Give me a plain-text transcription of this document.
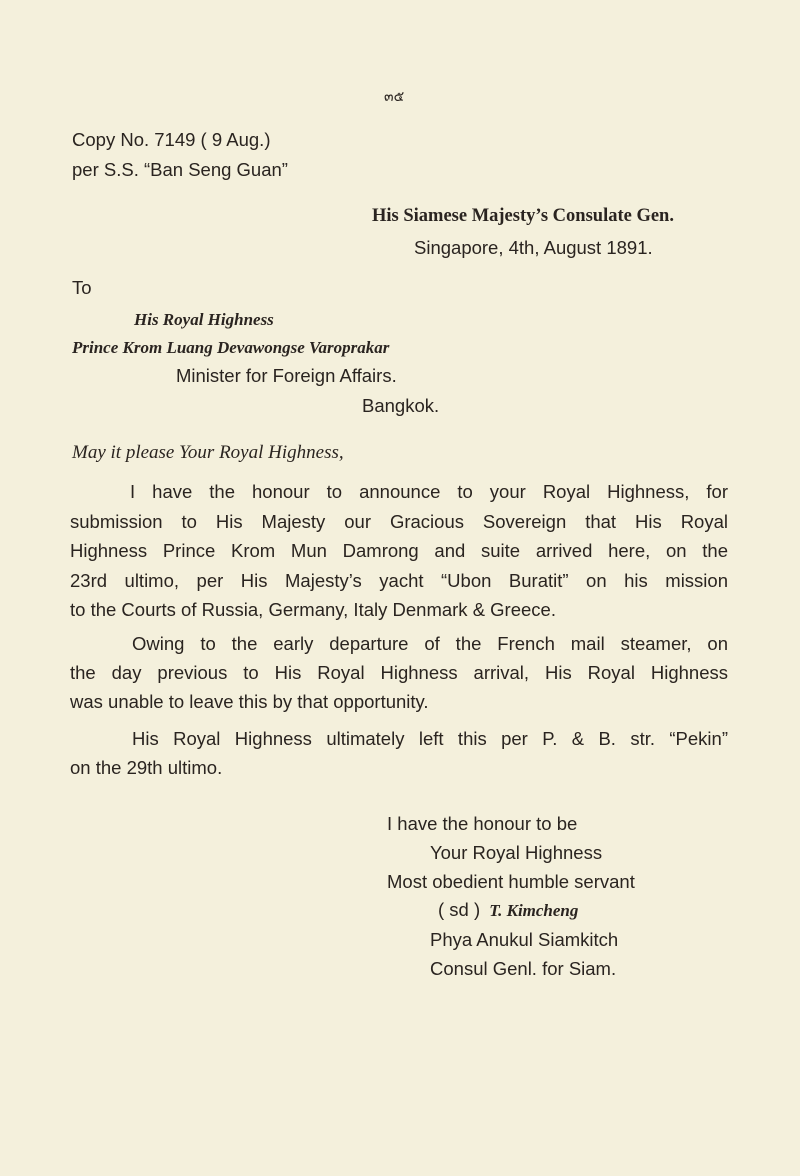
๓๕
Copy No. 7149 ( 9 Aug.)
per S.S. “Ban Seng Guan”
His Siamese Majesty’s Consulate Gen.
Singapore, 4th, August 1891.
To
His Royal Highness
Prince Krom Luang Devawongse Varoprakar
Minister for Foreign Affairs.
Bangkok.
May it please Your Royal Highness,
I have the honour to announce to your Royal Highness, for
submission to His Majesty our Gracious Sovereign that His Royal
Highness Prince Krom Mun Damrong and suite arrived here, on the
23rd ultimo, per His Majesty’s yacht “Ubon Buratit” on his mission
to the Courts of Russia, Germany, Italy Denmark & Greece.
Owing to the early departure of the French mail steamer, on
the day previous to His Royal Highness arrival, His Royal Highness
was unable to leave this by that opportunity.
His Royal Highness ultimately left this per P. & B. str. “Pekin”
on the 29th ultimo.
I have the honour to be
Your Royal Highness
Most obedient humble servant
( sd ) T. Kimcheng
Phya Anukul Siamkitch
Consul Genl. for Siam.
